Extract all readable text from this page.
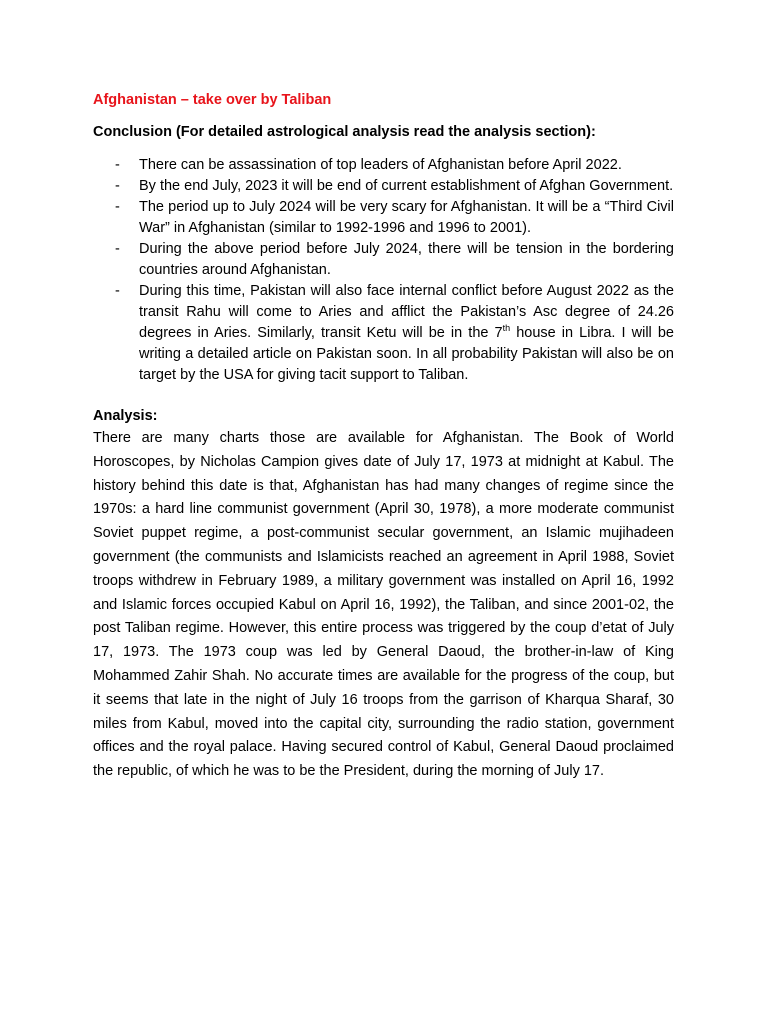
Afghanistan – take over by Taliban

Conclusion (For detailed astrological analysis read the analysis section):

- There can be assassination of top leaders of Afghanistan before April 2022.
- By the end July, 2023 it will be end of current establishment of Afghan Government.
- The period up to July 2024 will be very scary for Afghanistan. It will be a “Third Civil War” in Afghanistan (similar to 1992-1996 and 1996 to 2001).
- During the above period before July 2024, there will be tension in the bordering countries around Afghanistan.
- During this time, Pakistan will also face internal conflict before August 2022 as the transit Rahu will come to Aries and afflict the Pakistan’s Asc degree of 24.26 degrees in Aries. Similarly, transit Ketu will be in the 7th house in Libra. I will be writing a detailed article on Pakistan soon. In all probability Pakistan will also be on target by the USA for giving tacit support to Taliban.

Analysis:

There are many charts those are available for Afghanistan. The Book of World Horoscopes, by Nicholas Campion gives date of July 17, 1973 at midnight at Kabul. The history behind this date is that, Afghanistan has had many changes of regime since the 1970s: a hard line communist government (April 30, 1978), a more moderate communist Soviet puppet regime, a post-communist secular government, an Islamic mujihadeen government (the communists and Islamicists reached an agreement in April 1988, Soviet troops withdrew in February 1989, a military government was installed on April 16, 1992 and Islamic forces occupied Kabul on April 16, 1992), the Taliban, and since 2001-02, the post Taliban regime. However, this entire process was triggered by the coup d’etat of July 17, 1973. The 1973 coup was led by General Daoud, the brother-in-law of King Mohammed Zahir Shah. No accurate times are available for the progress of the coup, but it seems that late in the night of July 16 troops from the garrison of Kharqua Sharaf, 30 miles from Kabul, moved into the capital city, surrounding the radio station, government offices and the royal palace. Having secured control of Kabul, General Daoud proclaimed the republic, of which he was to be the President, during the morning of July 17.
